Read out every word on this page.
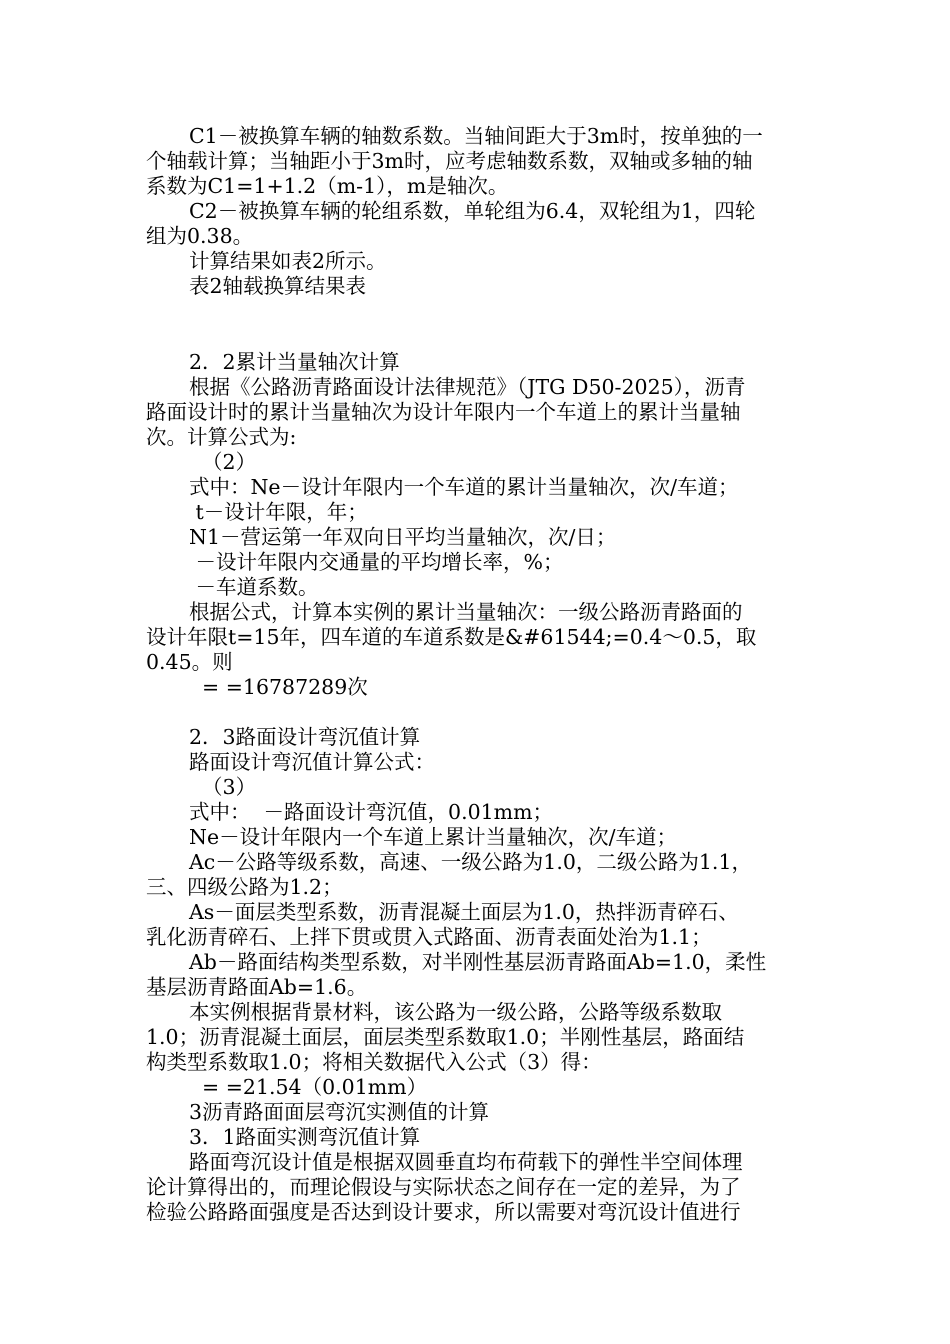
C1－被换算车辆的轴数系数。当轴间距大于3m时，按单独的一
个轴载计算；当轴距小于3m时，应考虑轴数系数，双轴或多轴的轴
系数为C1=1+1.2（m-1），m是轴次。
C2－被换算车辆的轮组系数，单轮组为6.4，双轮组为1，四轮
组为0.38。
计算结果如表2所示。
表2轴载换算结果表
2．2累计当量轴次计算
根据《公路沥青路面设计法律规范》（JTG D50-2025），沥青
路面设计时的累计当量轴次为设计年限内一个车道上的累计当量轴
次。计算公式为:
（2）
式中：Ne－设计年限内一个车道的累计当量轴次，次/车道；
t－设计年限，年；
N1－营运第一年双向日平均当量轴次，次/日；
－设计年限内交通量的平均增长率，%；
－车道系数。
根据公式，计算本实例的累计当量轴次：一级公路沥青路面的
设计年限t=15年，四车道的车道系数是&#61544;=0.4～0.5，取
0.45。则
= =16787289次
2．3路面设计弯沉值计算
路面设计弯沉值计算公式：
（3）
式中：  －路面设计弯沉值，0.01mm；
Ne－设计年限内一个车道上累计当量轴次，次/车道；
Ac－公路等级系数，高速、一级公路为1.0，二级公路为1.1，
三、四级公路为1.2；
As－面层类型系数，沥青混凝土面层为1.0，热拌沥青碎石、
乳化沥青碎石、上拌下贯或贯入式路面、沥青表面处治为1.1；
Ab－路面结构类型系数，对半刚性基层沥青路面Ab=1.0，柔性
基层沥青路面Ab=1.6。
本实例根据背景材料，该公路为一级公路，公路等级系数取
1.0；沥青混凝土面层，面层类型系数取1.0；半刚性基层，路面结
构类型系数取1.0；将相关数据代入公式（3）得：
= =21.54（0.01mm）
3沥青路面面层弯沉实测值的计算
3．1路面实测弯沉值计算
路面弯沉设计值是根据双圆垂直均布荷载下的弹性半空间体理
论计算得出的，而理论假设与实际状态之间存在一定的差异，为了
检验公路路面强度是否达到设计要求，所以需要对弯沉设计值进行
